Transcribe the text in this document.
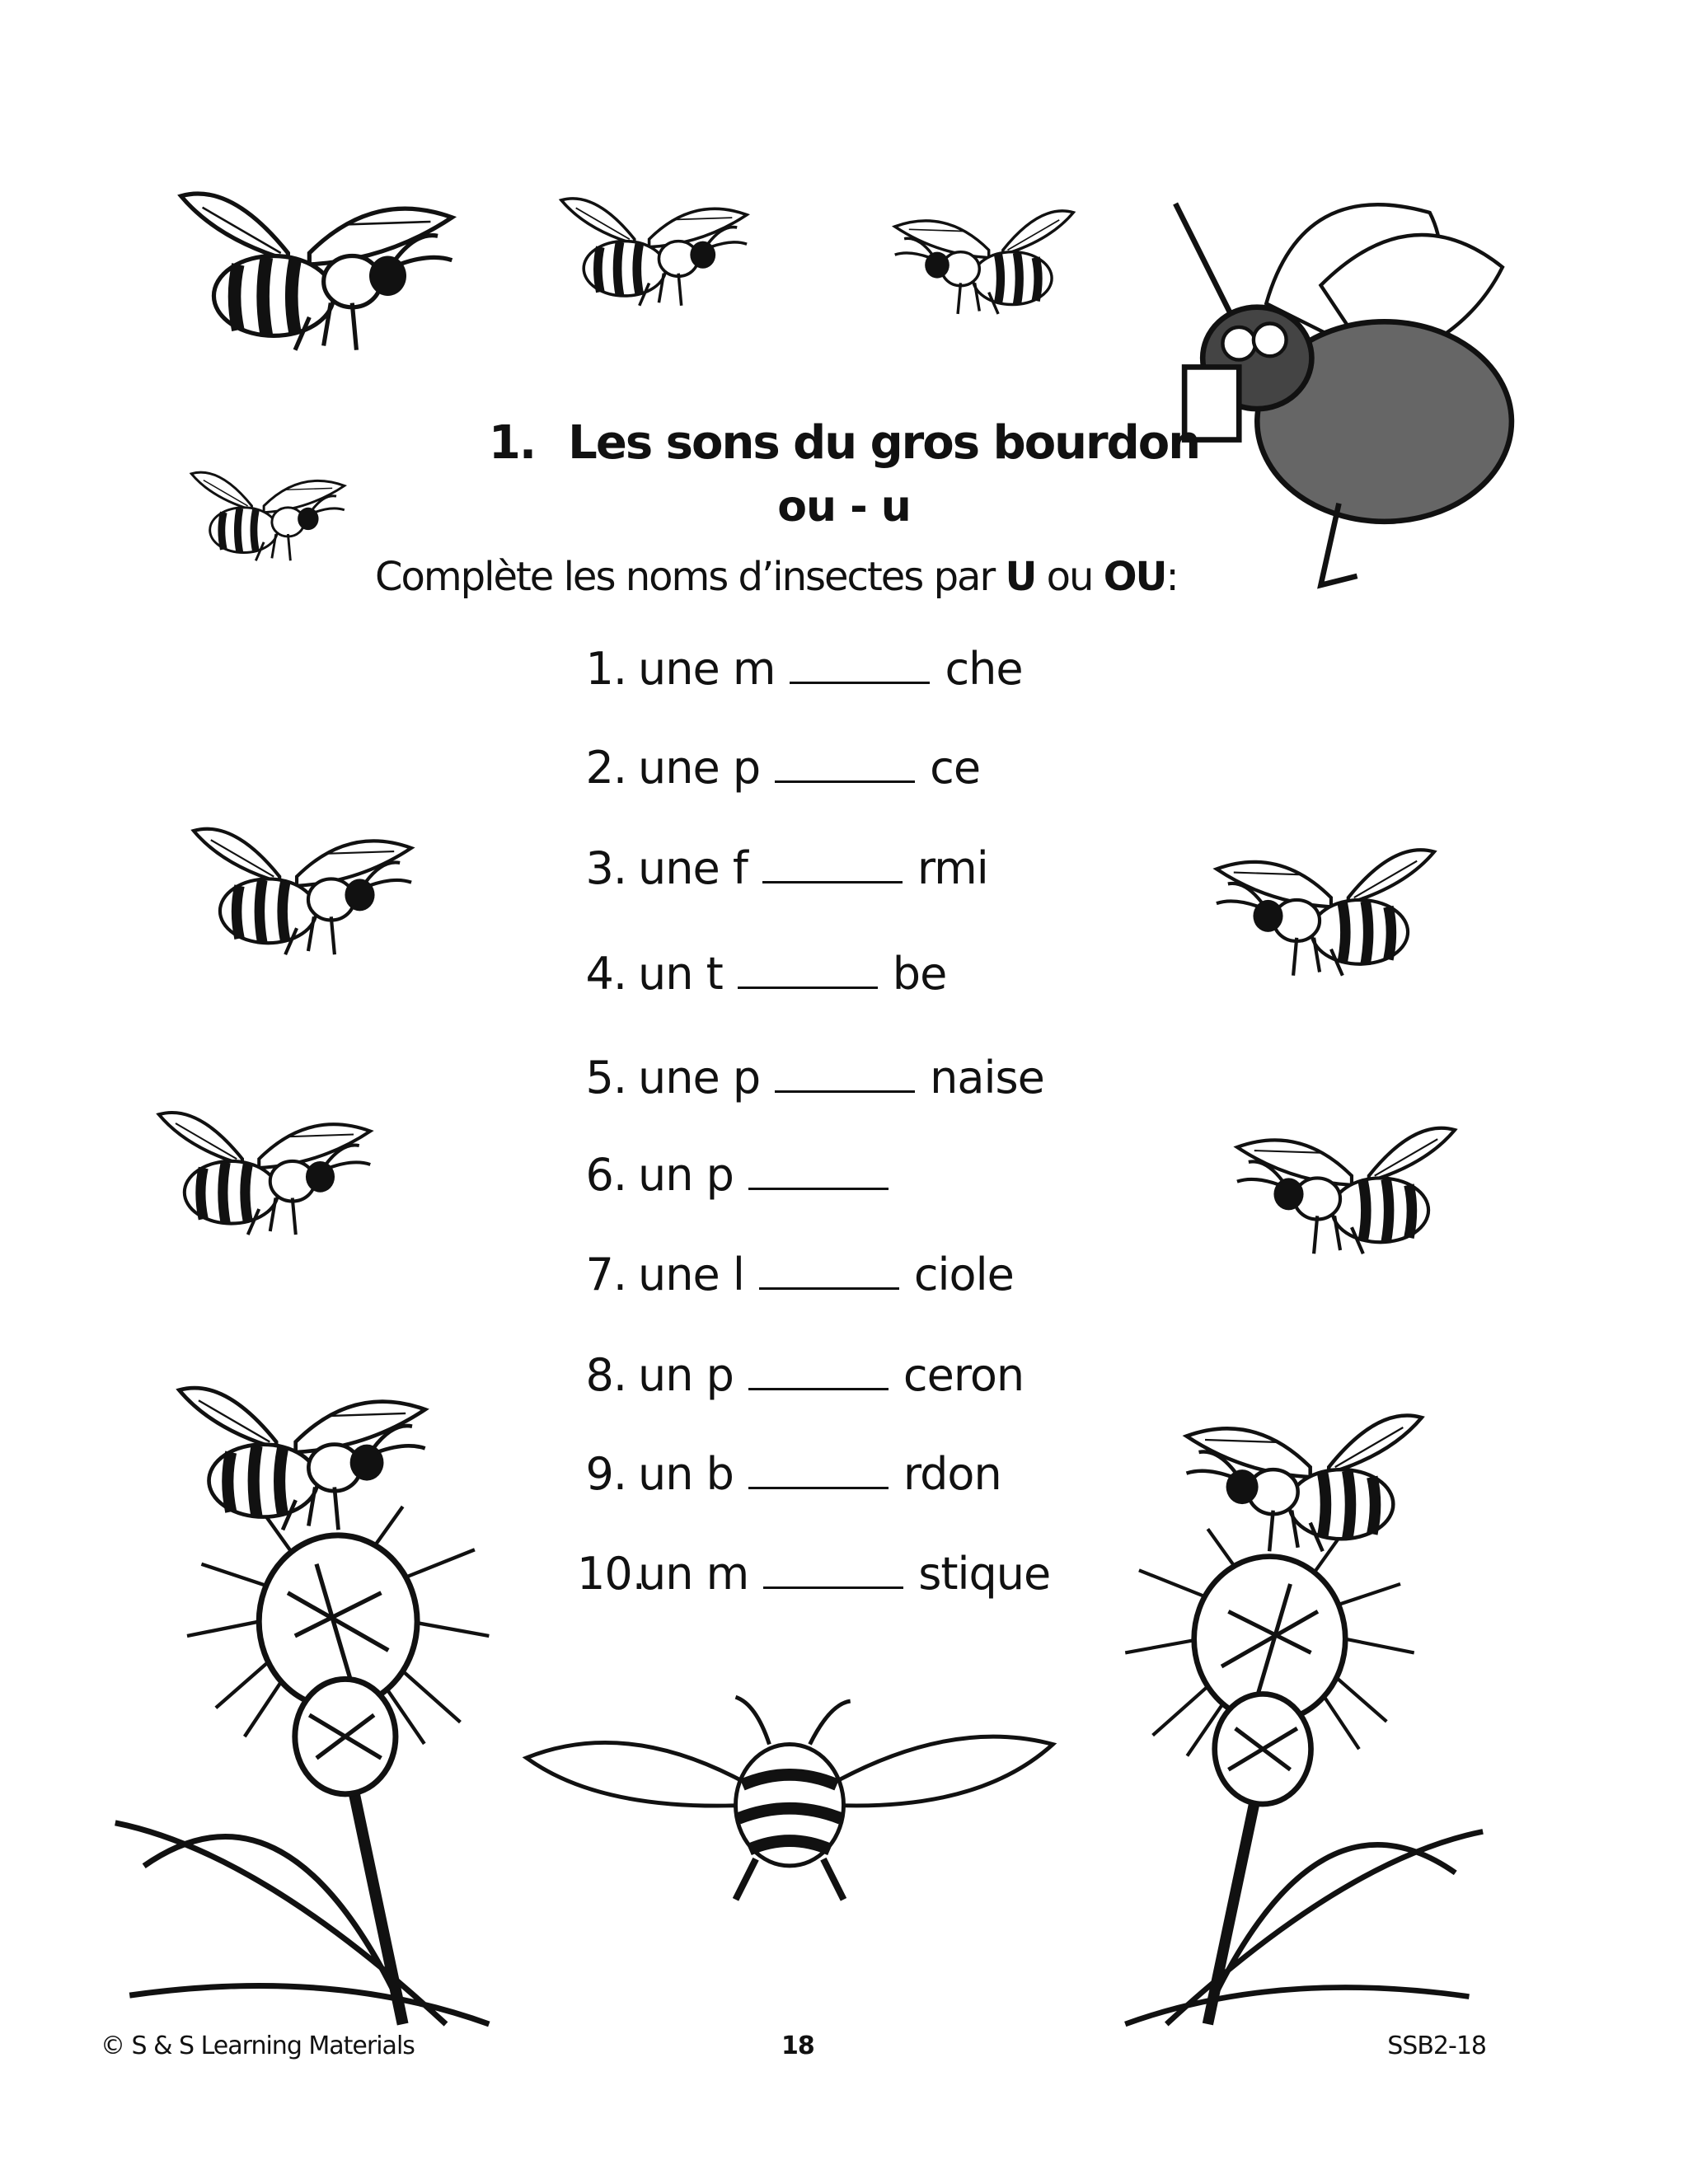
1. Les sons du gros bourdon
ou - u
Complète les noms d’insectes par U ou OU:
1. une m	che
2. une p	ce
3. une f	rmi
4. un t	be
5. une p	naise
6. un p
7. une l	ciole
8. un p	ceron
9. un b	rdon
10.un m	stique
© S & S Learning Materials	18	SSB2-18
